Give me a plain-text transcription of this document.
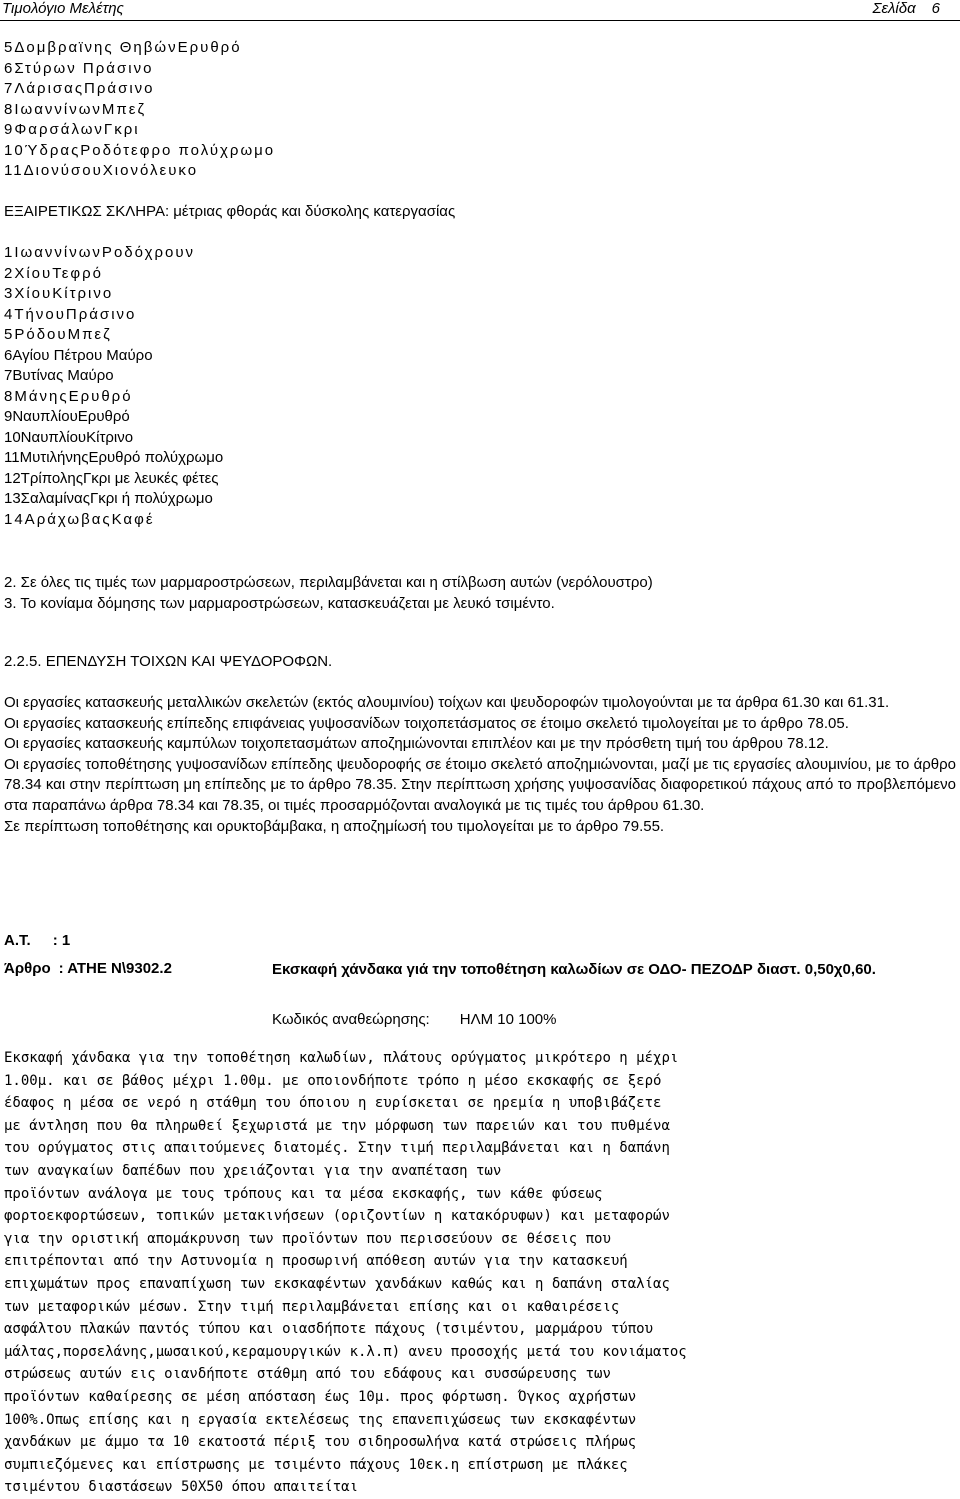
Τιμολόγιο Μελέτης	Σελίδα 6
5Δομβραϊνης ΘηβώνΕρυθρό
6Στύρων Πράσινο
7ΛάρισαςΠράσινο
8ΙωαννίνωνΜπεζ
9ΦαρσάλωνΓκρι
10ΎδραςΡοδότεφρο πολύχρωμο
11ΔιονύσουΧιονόλευκο
ΕΞΑΙΡΕΤΙΚΩΣ ΣΚΛΗΡΑ: μέτριας φθοράς και δύσκολης κατεργασίας
1ΙωαννίνωνΡοδόχρουν
2ΧίουΤεφρό
3ΧίουΚίτρινο
4ΤήνουΠράσινο
5ΡόδουΜπεζ
6Αγίου Πέτρου Μαύρο
7Βυτίνας Μαύρο
8ΜάνηςΕρυθρό
9ΝαυπλίουΕρυθρό
10ΝαυπλίουΚίτρινο
11ΜυτιλήνηςΕρυθρό πολύχρωμο
12ΤρίποληςΓκρι με λευκές φέτες
13ΣαλαμίναςΓκρι ή πολύχρωμο
14ΑράχωβαςΚαφέ
2. Σε όλες τις τιμές των μαρμαροστρώσεων, περιλαμβάνεται και η στίλβωση αυτών (νερόλουστρο)
3. Το κονίαμα δόμησης των μαρμαροστρώσεων, κατασκευάζεται με λευκό τσιμέντο.
2.2.5. ΕΠΕΝΔΥΣΗ ΤΟΙΧΩΝ ΚΑΙ ΨΕΥΔΟΡΟΦΩΝ.

Οι εργασίες κατασκευής μεταλλικών σκελετών (εκτός αλουμινίου) τοίχων και ψευδοροφών τιμολογούνται με τα άρθρα 61.30 και 61.31.

Οι εργασίες κατασκευής επίπεδης επιφάνειας γυψοσανίδων τοιχοπετάσματος σε έτοιμο σκελετό τιμολογείται με το άρθρο 78.05.

Οι εργασίες κατασκευής καμπύλων τοιχοπετασμάτων αποζημιώνονται επιπλέον και με την πρόσθετη τιμή του άρθρου 78.12.

Οι εργασίες τοποθέτησης γυψοσανίδων επίπεδης ψευδοροφής σε έτοιμο σκελετό αποζημιώνονται, μαζί με τις εργασίες αλουμινίου, με το άρθρο 78.34 και στην περίπτωση μη επίπεδης με το άρθρο 78.35. Στην περίπτωση χρήσης γυψοσανίδας διαφορετικού πάχους από το προβλεπόμενο στα παραπάνω άρθρα 78.34 και 78.35, οι τιμές προσαρμόζονται αναλογικά με τις τιμές του άρθρου 61.30.

Σε περίπτωση τοποθέτησης και ορυκτοβάμβακα, η αποζημίωσή του τιμολογείται με το άρθρο 79.55.

Α.Τ. : 1
Άρθρο : ΑΤΗΕ Ν\9302.2	Εκσκαφή χάνδακα γιά την τοποθέτηση καλωδίων σε ΟΔΟ- ΠΕΖΟΔΡ διαστ. 0,50χ0,60.
Κωδικός αναθεώρησης: ΗΛΜ 10 100%
Εκσκαφή χάνδακα για την τοποθέτηση καλωδίων, πλάτους ορύγματος μικρότερο η μέχρι
1.00μ. και σε βάθος μέχρι 1.00μ. με οποιονδήποτε τρόπο η μέσο εκσκαφής σε ξερό
έδαφος η μέσα σε νερό η στάθμη του όποιου η ευρίσκεται σε ηρεμία η υποβιβάζετε
με άντληση που θα πληρωθεί ξεχωριστά με την μόρφωση των παρειών και του πυθμένα
του ορύγματος στις απαιτούμενες διατομές. Στην τιμή περιλαμβάνεται και η δαπάνη
των αναγκαίων δαπέδων που χρειάζονται για την αναπέταση των
προϊόντων ανάλογα με τους τρόπους και τα μέσα εκσκαφής, των κάθε φύσεως
φορτοεκφορτώσεων, τοπικών μετακινήσεων (οριζοντίων η κατακόρυφων) και μεταφορών
για την οριστική απομάκρυνση των προϊόντων που περισσεύουν σε θέσεις που
επιτρέπονται από την Αστυνομία η προσωρινή απόθεση αυτών για την κατασκευή
επιχωμάτων προς επαναπίχωση των εκσκαφέντων χανδάκων καθώς και η δαπάνη σταλίας
των μεταφορικών μέσων. Στην τιμή περιλαμβάνεται επίσης και οι καθαιρέσεις
ασφάλτου πλακών παντός τύπου και οιασδήποτε πάχους (τσιμέντου, μαρμάρου τύπου
μάλτας,πορσελάνης,μωσαικού,κεραμουργικών κ.λ.π) ανευ προσοχής μετά του κονιάματος
στρώσεως αυτών εις οιανδήποτε στάθμη από του εδάφους και συσσώρευσης των
προϊόντων καθαίρεσης σε μέση απόσταση έως 10μ. προς φόρτωση. Όγκος αχρήστων
100%.Οπως επίσης και η εργασία εκτελέσεως της επανεπιχώσεως των εκσκαφέντων
χανδάκων με άμμο τα 10 εκατοστά πέριξ του σιδηροσωλήνα κατά στρώσεις πλήρως
συμπιεζόμενες και επίστρωσης με τσιμέντο πάχους 10εκ.η επίστρωση με πλάκες
τσιμέντου διαστάσεων 50Χ50 όπου απαιτείται
